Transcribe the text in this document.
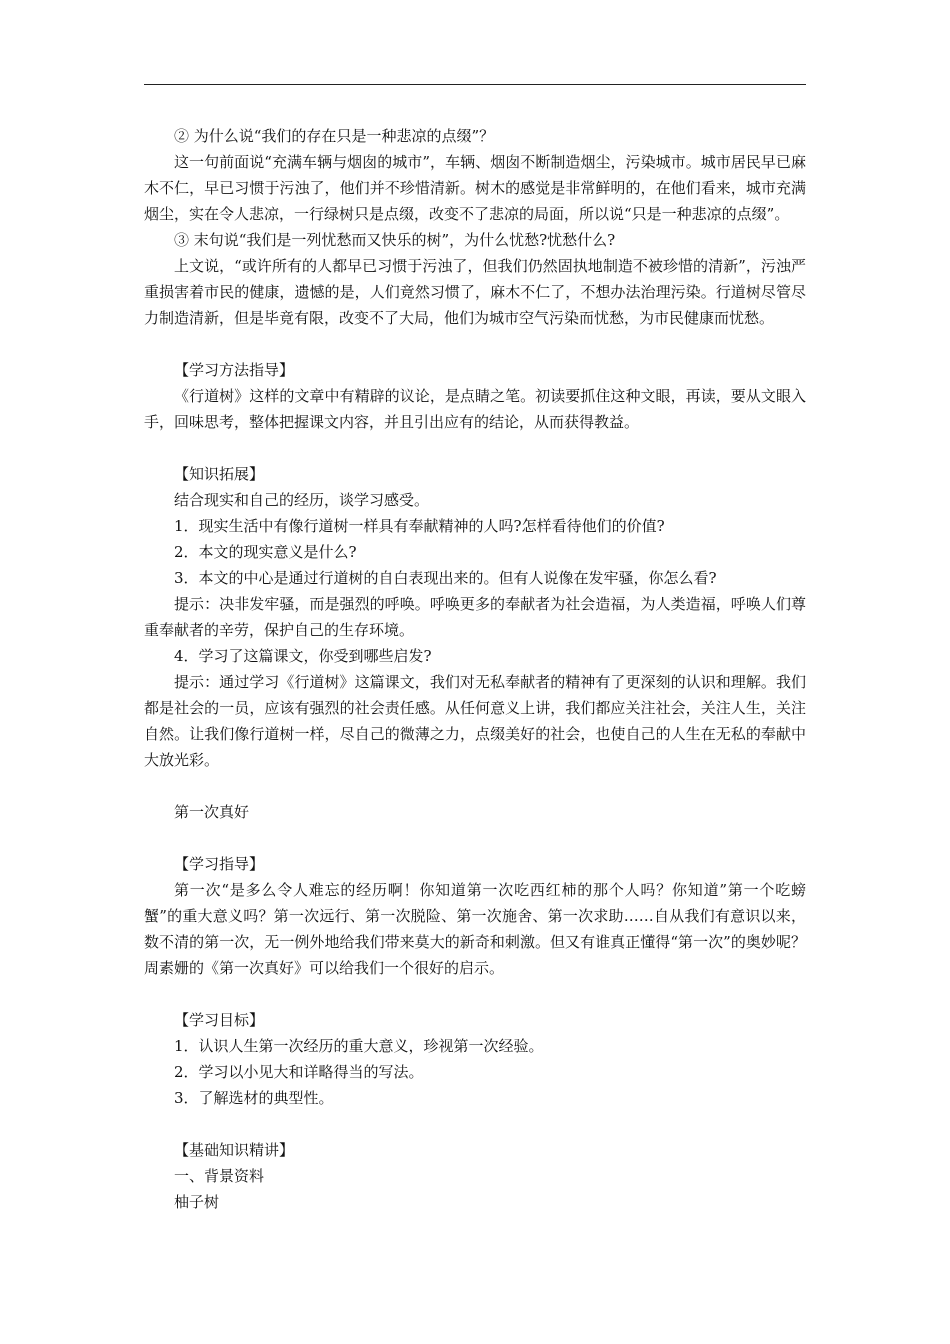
② 为什么说“我们的存在只是一种悲凉的点缀”？

这一句前面说“充满车辆与烟囱的城市”，车辆、烟囱不断制造烟尘，污染城市。城市居民早已麻木不仁，早已习惯于污浊了，他们并不珍惜清新。树木的感觉是非常鲜明的，在他们看来，城市充满烟尘，实在令人悲凉，一行绿树只是点缀，改变不了悲凉的局面，所以说“只是一种悲凉的点缀”。

③ 末句说“我们是一列忧愁而又快乐的树”，为什么忧愁?忧愁什么?

上文说，“或许所有的人都早已习惯于污浊了，但我们仍然固执地制造不被珍惜的清新”，污浊严重损害着市民的健康，遗憾的是，人们竟然习惯了，麻木不仁了，不想办法治理污染。行道树尽管尽力制造清新，但是毕竟有限，改变不了大局，他们为城市空气污染而忧愁，为市民健康而忧愁。

【学习方法指导】

《行道树》这样的文章中有精辟的议论，是点睛之笔。初读要抓住这种文眼，再读，要从文眼入手，回味思考，整体把握课文内容，并且引出应有的结论，从而获得教益。

【知识拓展】

结合现实和自己的经历，谈学习感受。

1．现实生活中有像行道树一样具有奉献精神的人吗?怎样看待他们的价值?

2．本文的现实意义是什么?

3．本文的中心是通过行道树的自白表现出来的。但有人说像在发牢骚，你怎么看?

提示：决非发牢骚，而是强烈的呼唤。呼唤更多的奉献者为社会造福，为人类造福，呼唤人们尊重奉献者的辛劳，保护自己的生存环境。

4．学习了这篇课文，你受到哪些启发?

提示：通过学习《行道树》这篇课文，我们对无私奉献者的精神有了更深刻的认识和理解。我们都是社会的一员，应该有强烈的社会责任感。从任何意义上讲，我们都应关注社会，关注人生，关注自然。让我们像行道树一样，尽自己的微薄之力，点缀美好的社会，也使自己的人生在无私的奉献中大放光彩。

第一次真好

【学习指导】

第一次“是多么令人难忘的经历啊！你知道第一次吃西红柿的那个人吗？你知道”第一个吃螃蟹”的重大意义吗？第一次远行、第一次脱险、第一次施舍、第一次求助……自从我们有意识以来，数不清的第一次，无一例外地给我们带来莫大的新奇和刺激。但又有谁真正懂得“第一次”的奥妙呢？周素姗的《第一次真好》可以给我们一个很好的启示。

【学习目标】

1．认识人生第一次经历的重大意义，珍视第一次经验。

2．学习以小见大和详略得当的写法。

3．了解选材的典型性。

【基础知识精讲】

一、背景资料

柚子树
